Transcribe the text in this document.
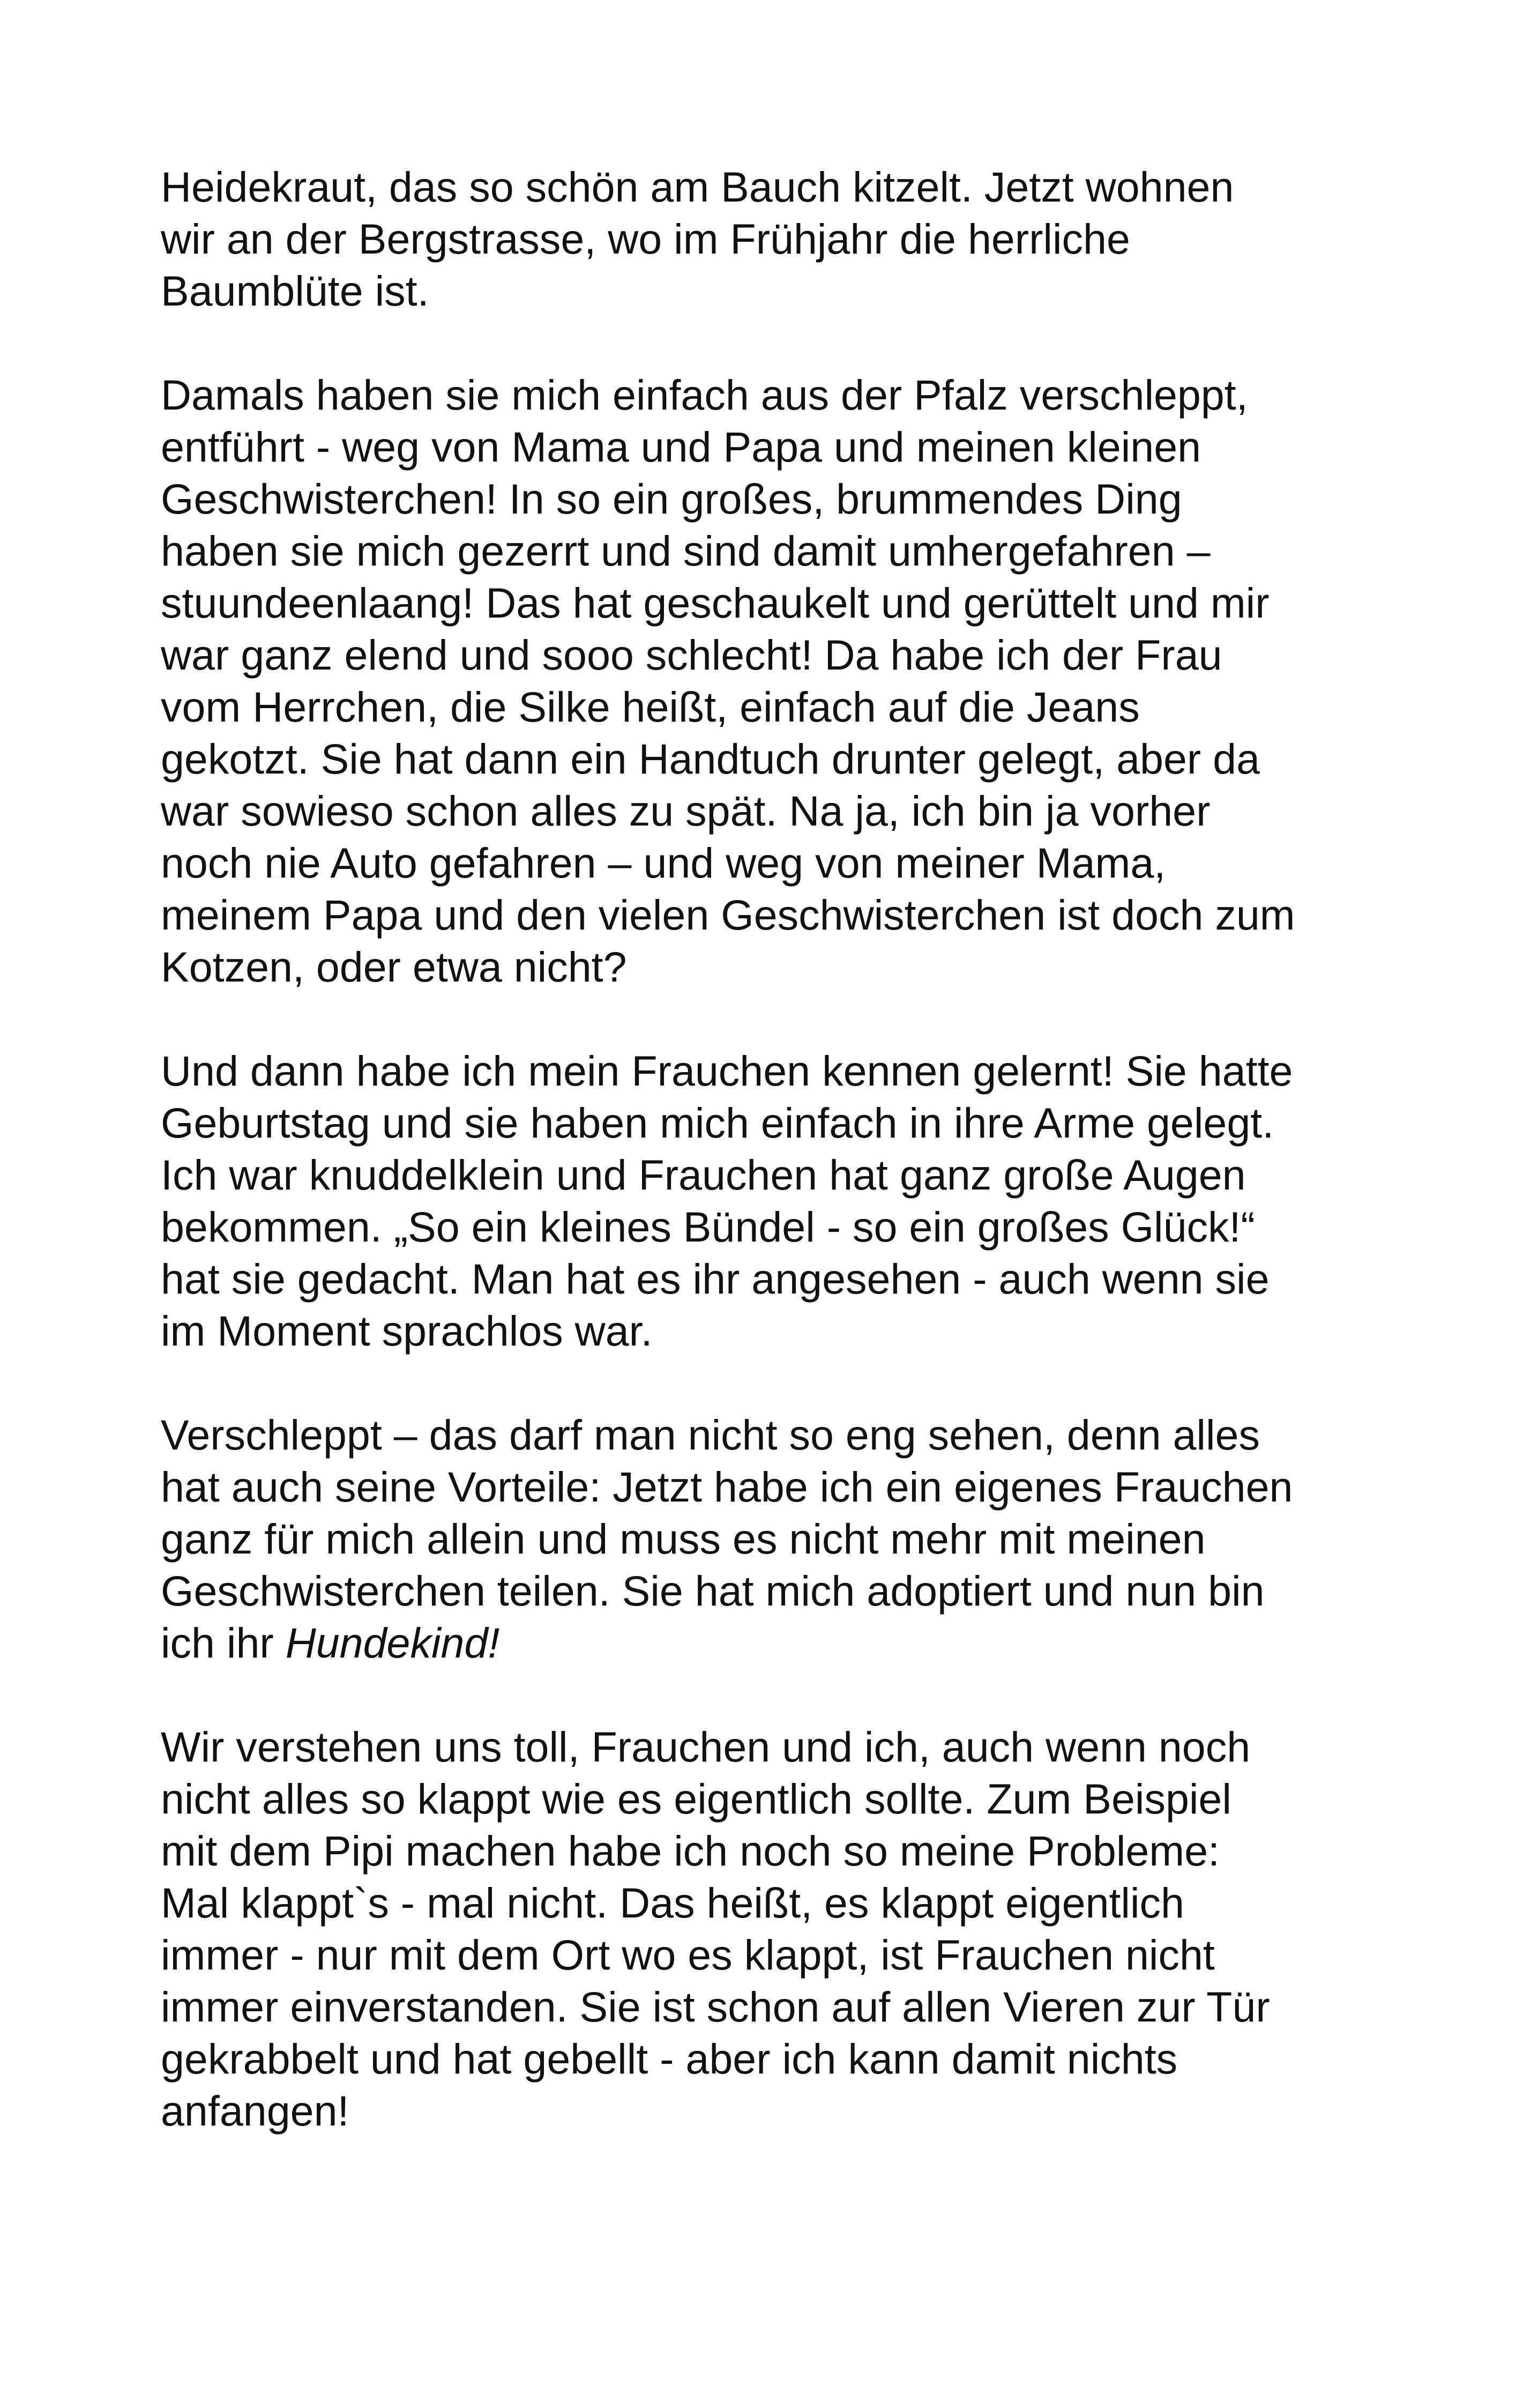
Heidekraut, das so schön am Bauch kitzelt. Jetzt wohnen
wir an der Bergstrasse, wo im Frühjahr die herrliche
Baumblüte ist.

Damals haben sie mich einfach aus der Pfalz verschleppt,
entführt - weg von Mama und Papa und meinen kleinen
Geschwisterchen! In so ein großes, brummendes Ding
haben sie mich gezerrt und sind damit umhergefahren –
stuundeenlaang! Das hat geschaukelt und gerüttelt und mir
war ganz elend und sooo schlecht! Da habe ich der Frau
vom Herrchen, die Silke heißt, einfach auf die Jeans
gekotzt. Sie hat dann ein Handtuch drunter gelegt, aber da
war sowieso schon alles zu spät. Na ja, ich bin ja vorher
noch nie Auto gefahren – und weg von meiner Mama,
meinem Papa und den vielen Geschwisterchen ist doch zum
Kotzen, oder etwa nicht?

Und dann habe ich mein Frauchen kennen gelernt! Sie hatte
Geburtstag und sie haben mich einfach in ihre Arme gelegt.
Ich war knuddelklein und Frauchen hat ganz große Augen
bekommen. „So ein kleines Bündel - so ein großes Glück!“
hat sie gedacht. Man hat es ihr angesehen - auch wenn sie
im Moment sprachlos war.

Verschleppt – das darf man nicht so eng sehen, denn alles
hat auch seine Vorteile: Jetzt habe ich ein eigenes Frauchen
ganz für mich allein und muss es nicht mehr mit meinen
Geschwisterchen teilen. Sie hat mich adoptiert und nun bin
ich ihr Hundekind!

Wir verstehen uns toll, Frauchen und ich, auch wenn noch
nicht alles so klappt wie es eigentlich sollte. Zum Beispiel
mit dem Pipi machen habe ich noch so meine Probleme:
Mal klappt`s - mal nicht. Das heißt, es klappt eigentlich
immer - nur mit dem Ort wo es klappt, ist Frauchen nicht
immer einverstanden. Sie ist schon auf allen Vieren zur Tür
gekrabbelt und hat gebellt - aber ich kann damit nichts
anfangen!
